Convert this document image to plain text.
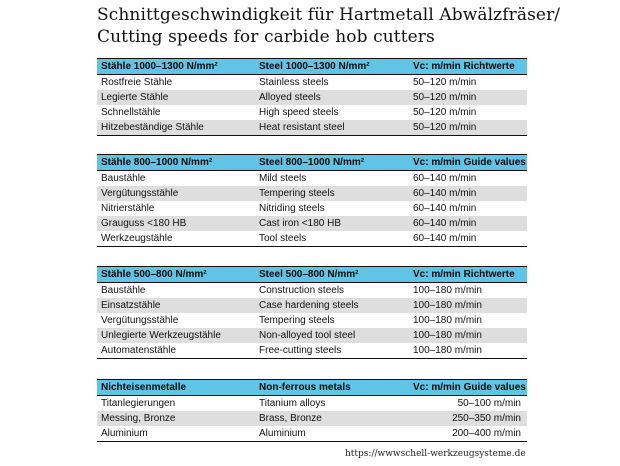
Schnittgeschwindigkeit für Hartmetall Abwälzfräser/
Cutting speeds for carbide hob cutters
Stähle 1000–1300 N/mm²	Steel 1000–1300 N/mm²	Vc: m/min Richtwerte
Rostfreie Stähle	Stainless steels	50–120 m/min
Legierte Stähle	Alloyed steels	50–120 m/min
Schnellstähle	High speed steels	50–120 m/min
Hitzebeständige Stähle	Heat resistant steel	50–120 m/min
Stähle 800–1000 N/mm²	Steel 800–1000 N/mm²	Vc: m/min Guide values
Baustähle	Mild steels	60–140 m/min
Vergütungsstähle	Tempering steels	60–140 m/min
Nitrierstähle	Nitriding steels	60–140 m/min
Grauguss <180 HB	Cast iron <180 HB	60–140 m/min
Werkzeugstähle	Tool steels	60–140 m/min
Stähle 500–800 N/mm²	Steel 500–800 N/mm²	Vc: m/min Richtwerte
Baustähle	Construction steels	100–180 m/min
Einsatzstähle	Case hardening steels	100–180 m/min
Vergütungsstähle	Tempering steels	100–180 m/min
Unlegierte Werkzeugstähle	Non-alloyed tool steel	100–180 m/min
Automatenstähle	Free-cutting steels	100–180 m/min
Nichteisenmetalle	Non-ferrous metals	Vc: m/min Guide values
Titanlegierungen	Titanium alloys	50–100 m/min
Messing, Bronze	Brass, Bronze	250–350 m/min
Aluminium	Aluminium	200–400 m/min
https://wwwschell-werkzeugsysteme.de
